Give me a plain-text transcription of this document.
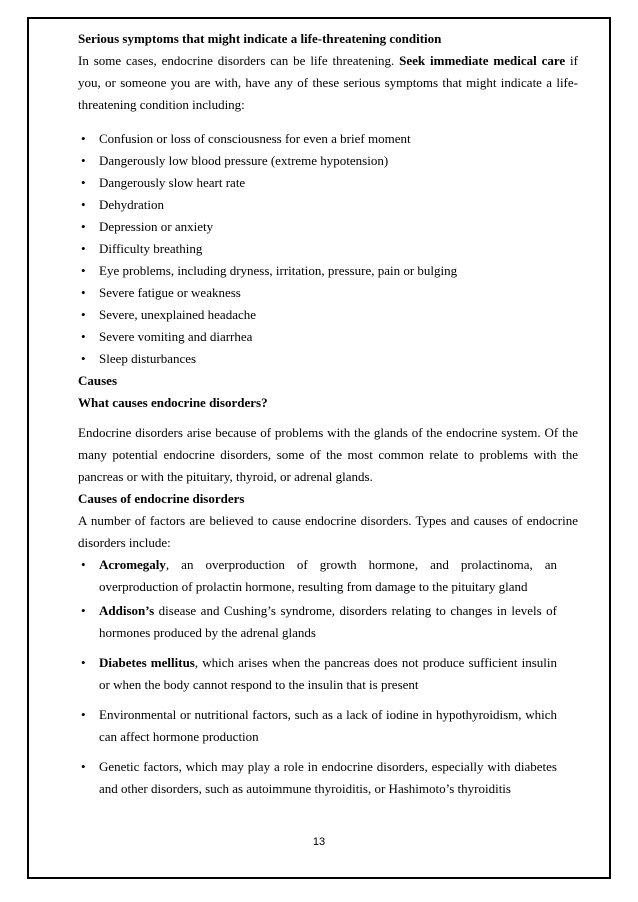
Serious symptoms that might indicate a life-threatening condition

In some cases, endocrine disorders can be life threatening. Seek immediate medical care if you, or someone you are with, have any of these serious symptoms that might indicate a life-threatening condition including:

• Confusion or loss of consciousness for even a brief moment
• Dangerously low blood pressure (extreme hypotension)
• Dangerously slow heart rate
• Dehydration
• Depression or anxiety
• Difficulty breathing
• Eye problems, including dryness, irritation, pressure, pain or bulging
• Severe fatigue or weakness
• Severe, unexplained headache
• Severe vomiting and diarrhea
• Sleep disturbances

Causes

What causes endocrine disorders?

Endocrine disorders arise because of problems with the glands of the endocrine system. Of the many potential endocrine disorders, some of the most common relate to problems with the pancreas or with the pituitary, thyroid, or adrenal glands.

Causes of endocrine disorders

A number of factors are believed to cause endocrine disorders. Types and causes of endocrine disorders include:

• Acromegaly, an overproduction of growth hormone, and prolactinoma, an overproduction of prolactin hormone, resulting from damage to the pituitary gland
• Addison’s disease and Cushing’s syndrome, disorders relating to changes in levels of hormones produced by the adrenal glands
• Diabetes mellitus, which arises when the pancreas does not produce sufficient insulin or when the body cannot respond to the insulin that is present
• Environmental or nutritional factors, such as a lack of iodine in hypothyroidism, which can affect hormone production
• Genetic factors, which may play a role in endocrine disorders, especially with diabetes and other disorders, such as autoimmune thyroiditis, or Hashimoto’s thyroiditis
13
